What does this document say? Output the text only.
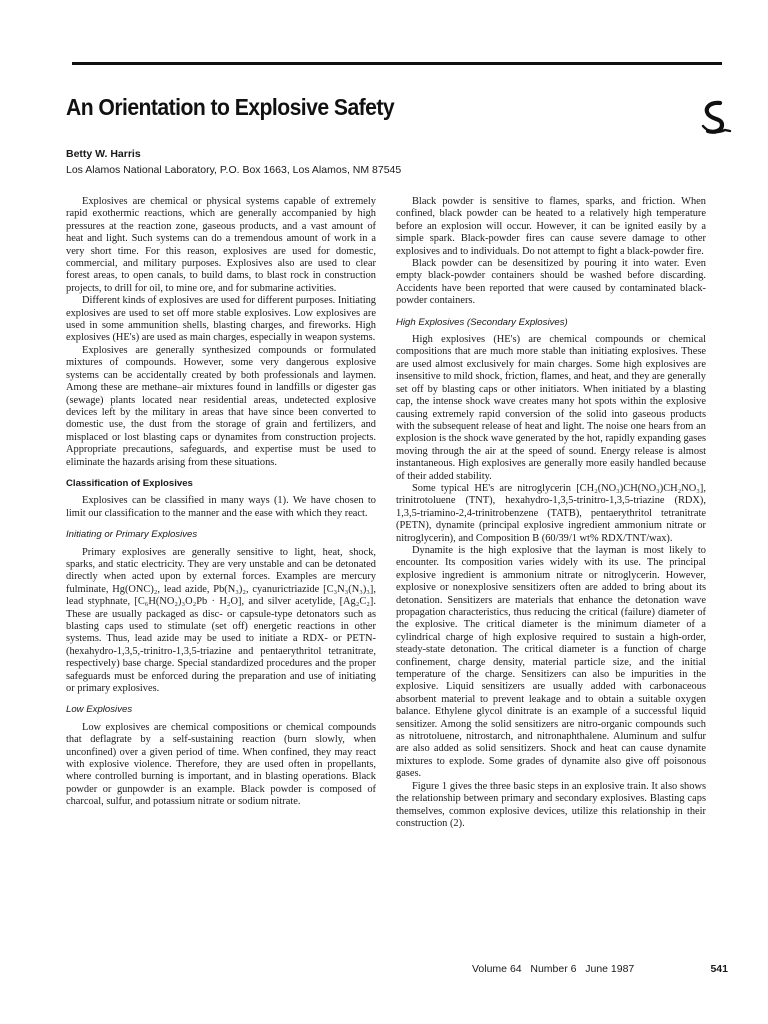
An Orientation to Explosive Safety

Betty W. Harris

Los Alamos National Laboratory, P.O. Box 1663, Los Alamos, NM 87545

Explosives are chemical or physical systems capable of extremely rapid exothermic reactions, which are generally accompanied by high pressures at the reaction zone, gaseous products, and a vast amount of heat and light. Such systems can do a tremendous amount of work in a very short time. For this reason, explosives are used for domestic, commercial, and military purposes. Explosives also are used to clear forest areas, to open canals, to build dams, to blast rock in construction projects, to drill for oil, to mine ore, and for submarine activities.

Different kinds of explosives are used for different purposes. Initiating explosives are used to set off more stable explosives. Low explosives are used in some ammunition shells, blasting charges, and fireworks. High explosives (HE's) are used as main charges, especially in weapon systems.

Explosives are generally synthesized compounds or formulated mixtures of compounds. However, some very dangerous explosive systems can be accidentally created by both professionals and laymen. Among these are methane–air mixtures found in landfills or digester gas (sewage) plants located near residential areas, undetected explosive devices left by the military in areas that have since been converted to domestic use, the dust from the storage of grain and fertilizers, and misplaced or lost blasting caps or dynamites from construction projects. Appropriate precautions, safeguards, and expertise must be used to eliminate the hazards arising from these situations.

Classification of Explosives

Explosives can be classified in many ways (1). We have chosen to limit our classification to the manner and the ease with which they react.

Initiating or Primary Explosives

Primary explosives are generally sensitive to light, heat, shock, sparks, and static electricity. They are very unstable and can be detonated directly when acted upon by external forces. Examples are mercury fulminate, Hg(ONC)₂, lead azide, Pb(N₃)₂, cyanurictriazide [C₃N₃(N₃)₃], lead styphnate, [C₆H(NO₂)₃O₂Pb · H₂O], and silver acetylide, [Ag₂C₂]. These are usually packaged as disc- or capsule-type detonators such as blasting caps used to stimulate (set off) energetic reactions in other systems. Thus, lead azide may be used to initiate a RDX- or PETN-(hexahydro-1,3,5,-trinitro-1,3,5-triazine and pentaerythritol tetranitrate, respectively) base charge. Special standardized procedures and the proper safeguards must be enforced during the preparation and use of initiating or primary explosives.

Low Explosives

Low explosives are chemical compositions or chemical compounds that deflagrate by a self-sustaining reaction (burn slowly, when unconfined) over a given period of time. When confined, they may react with explosive violence. Therefore, they are used often in propellants, where controlled burning is important, and in blasting operations. Black powder or gunpowder is an example. Black powder is composed of charcoal, sulfur, and potassium nitrate or sodium nitrate.

Black powder is sensitive to flames, sparks, and friction. When confined, black powder can be heated to a relatively high temperature before an explosion will occur. However, it can be ignited easily by a simple spark. Black-powder fires can cause severe damage to other explosives and to individuals. Do not attempt to fight a black-powder fire.

Black powder can be desensitized by pouring it into water. Even empty black-powder containers should be washed before discarding. Accidents have been reported that were caused by contaminated black-powder containers.

High Explosives (Secondary Explosives)

High explosives (HE's) are chemical compounds or chemical compositions that are much more stable than initiating explosives. These are used almost exclusively for main charges. Some high explosives are insensitive to mild shock, friction, flames, and heat, and they are generally set off by blasting caps or other initiators. When initiated by a blasting cap, the intense shock wave creates many hot spots within the explosive causing extremely rapid conversion of the solid into gaseous products with the subsequent release of heat and light. The noise one hears from an explosion is the shock wave generated by the hot, rapidly expanding gases moving through the air at the speed of sound. Energy release is almost instantaneous. High explosives are generally more easily handled because of their added stability.

Some typical HE's are nitroglycerin [CH₂(NO₃)CH(NO₃)CH₂NO₃], trinitrotoluene (TNT), hexahydro-1,3,5-trinitro-1,3,5-triazine (RDX), 1,3,5-triamino-2,4-trinitrobenzene (TATB), pentaerythritol tetranitrate (PETN), dynamite (principal explosive ingredient ammonium nitrate or nitroglycerin), and Composition B (60/39/1 wt% RDX/TNT/wax).

Dynamite is the high explosive that the layman is most likely to encounter. Its composition varies widely with its use. The principal explosive ingredient is ammonium nitrate or nitroglycerin. However, explosive or nonexplosive sensitizers often are added to bring about its detonation. Sensitizers are materials that enhance the detonation wave propagation characteristics, thus reducing the critical (failure) diameter of the explosive. The critical diameter is the minimum diameter of a cylindrical charge of high explosive required to sustain a high-order, steady-state detonation. The critical diameter is a function of charge confinement, charge density, material particle size, and the initial temperature of the charge. Sensitizers can also be impurities in the explosive. Liquid sensitizers are usually added with carbonaceous absorbent material to prevent leakage and to obtain a suitable oxygen balance. Ethylene glycol dinitrate is an example of a successful liquid sensitizer. Among the solid sensitizers are nitro-organic compounds such as nitrotoluene, nitrostarch, and nitronaphthalene. Aluminum and sulfur are also added as solid sensitizers. Shock and heat can cause dynamite mixtures to explode. Some grades of dynamite also give off poisonous gases.

Figure 1 gives the three basic steps in an explosive train. It also shows the relationship between primary and secondary explosives. Blasting caps themselves, common explosive devices, utilize this relationship in their construction (2).

Volume 64   Number 6   June 1987	541
